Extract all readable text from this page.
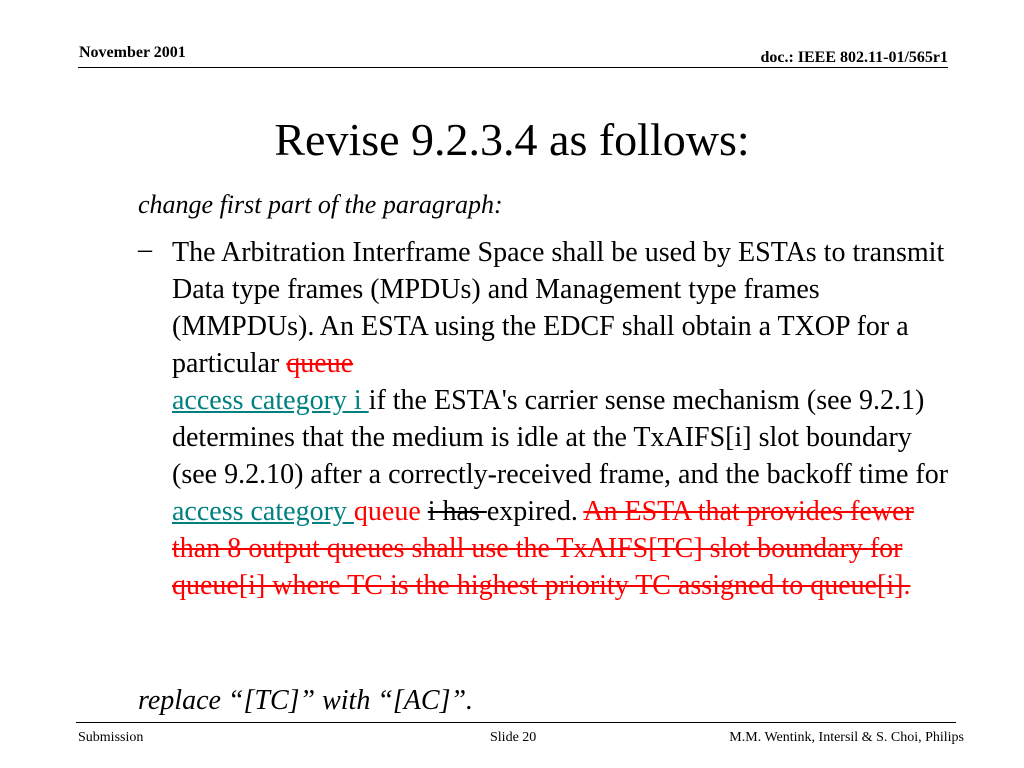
November 2001	doc.: IEEE 802.11-01/565r1
Revise 9.2.3.4 as follows:
change first part of the paragraph:
– The Arbitration Interframe Space shall be used by ESTAs to transmit Data type frames (MPDUs) and Management type frames (MMPDUs). An ESTA using the EDCF shall obtain a TXOP for a particular queue
access category i if the ESTA's carrier sense mechanism (see 9.2.1) determines that the medium is idle at the TxAIFS[i] slot boundary (see 9.2.10) after a correctly-received frame, and the backoff time for access category queue i has expired. An ESTA that provides fewer than 8 output queues shall use the TxAIFS[TC] slot boundary for queue[i] where TC is the highest priority TC assigned to queue[i].
replace “[TC]” with “[AC]”.
Submission	Slide 20	M.M. Wentink, Intersil & S. Choi, Philips
